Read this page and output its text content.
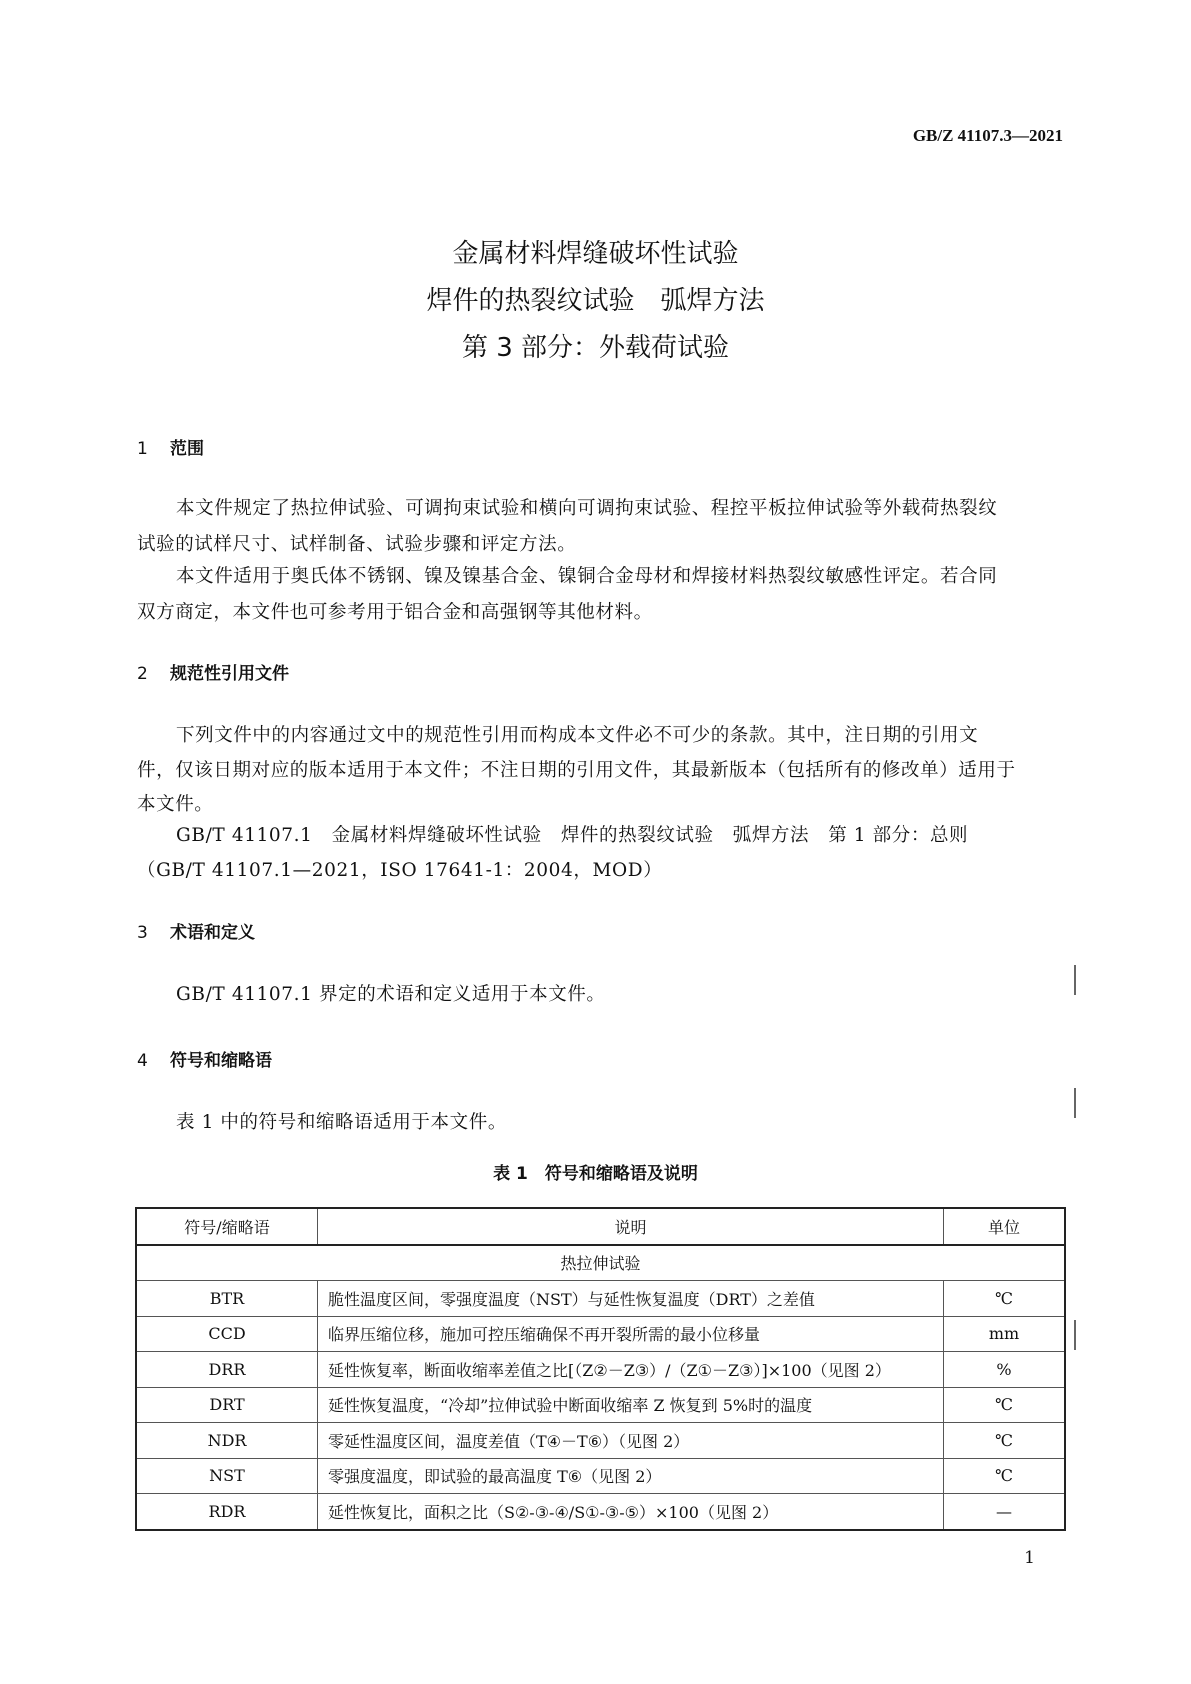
GB/Z 41107.3—2021
金属材料焊缝破坏性试验
焊件的热裂纹试验　弧焊方法
第 3 部分：外载荷试验
1 范围
本文件规定了热拉伸试验、可调拘束试验和横向可调拘束试验、程控平板拉伸试验等外载荷热裂纹
试验的试样尺寸、试样制备、试验步骤和评定方法。
本文件适用于奥氏体不锈钢、镍及镍基合金、镍铜合金母材和焊接材料热裂纹敏感性评定。若合同
双方商定，本文件也可参考用于铝合金和高强钢等其他材料。
2 规范性引用文件
下列文件中的内容通过文中的规范性引用而构成本文件必不可少的条款。其中，注日期的引用文
件，仅该日期对应的版本适用于本文件；不注日期的引用文件，其最新版本（包括所有的修改单）适用于
本文件。
GB/T 41107.1　金属材料焊缝破坏性试验　焊件的热裂纹试验　弧焊方法　第 1 部分：总则
（GB/T 41107.1—2021，ISO 17641-1：2004，MOD）
3 术语和定义
GB/T 41107.1 界定的术语和定义适用于本文件。
4 符号和缩略语
表 1 中的符号和缩略语适用于本文件。
表 1　符号和缩略语及说明
符号/缩略语	说明	单位
热拉伸试验		
BTR	脆性温度区间，零强度温度（NST）与延性恢复温度（DRT）之差值	℃
CCD	临界压缩位移，施加可控压缩确保不再开裂所需的最小位移量	mm
DRR	延性恢复率，断面收缩率差值之比[（Z②－Z③）/（Z①－Z③）]×100（见图 2）	%
DRT	延性恢复温度，“冷却”拉伸试验中断面收缩率 Z 恢复到 5%时的温度	℃
NDR	零延性温度区间，温度差值（T④－T⑥）（见图 2）	℃
NST	零强度温度，即试验的最高温度 T⑥（见图 2）	℃
RDR	延性恢复比，面积之比（S②-③-④/S①-③-⑤）×100（见图 2）	—
1
